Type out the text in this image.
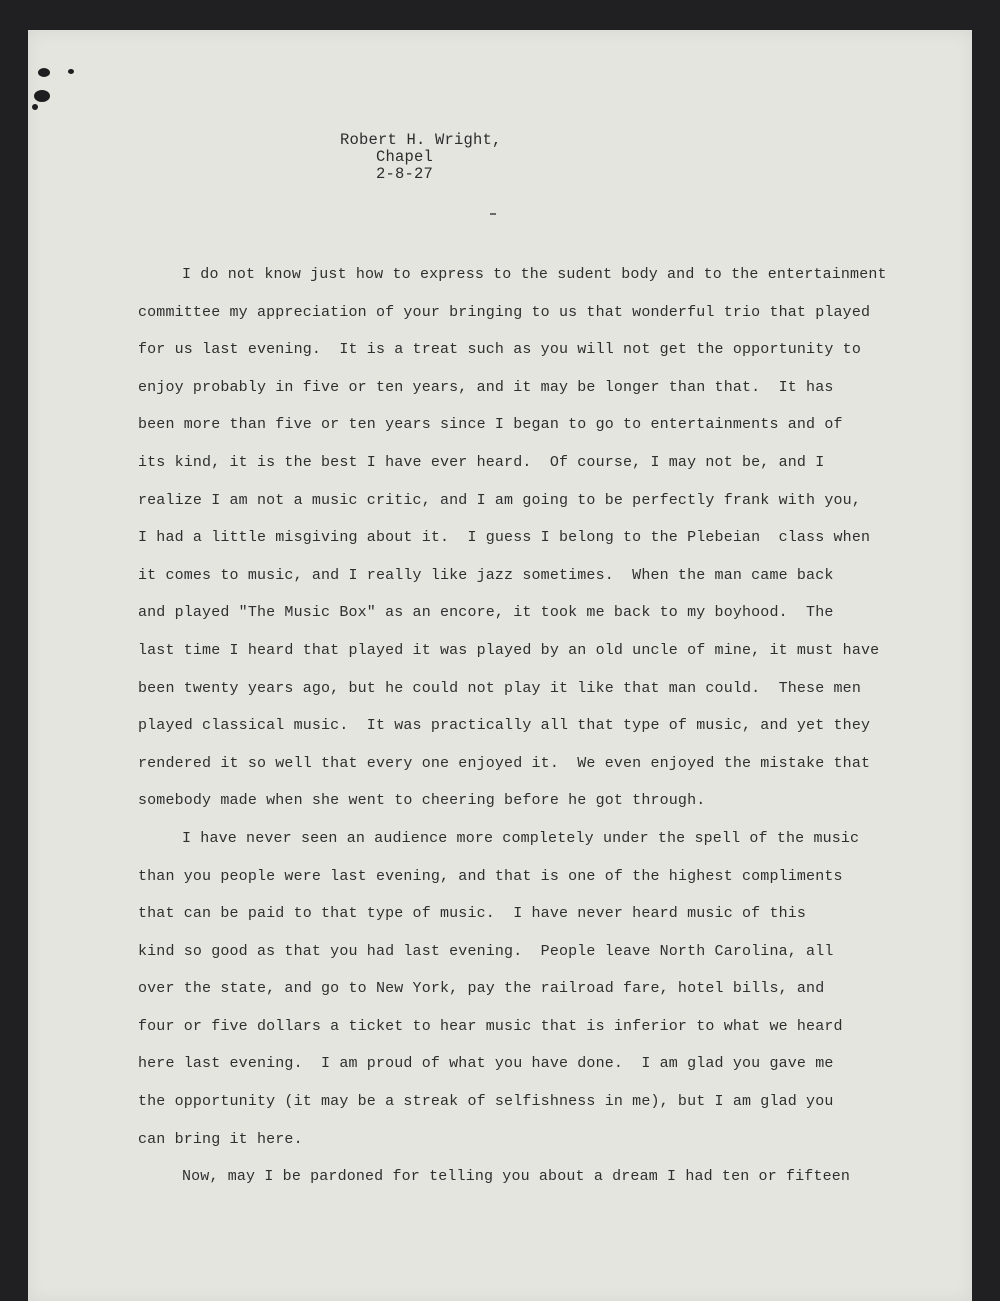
Robert H. Wright,
Chapel
2-8-27
I do not know just how to express to the sudent body and to the entertainment
committee my appreciation of your bringing to us that wonderful trio that played
for us last evening.  It is a treat such as you will not get the opportunity to
enjoy probably in five or ten years, and it may be longer than that.  It has
been more than five or ten years since I began to go to entertainments and of
its kind, it is the best I have ever heard.  Of course, I may not be, and I
realize I am not a music critic, and I am going to be perfectly frank with you,
I had a little misgiving about it.  I guess I belong to the Plebeian  class when
it comes to music, and I really like jazz sometimes.  When the man came back
and played "The Music Box" as an encore, it took me back to my boyhood.  The
last time I heard that played it was played by an old uncle of mine, it must have
been twenty years ago, but he could not play it like that man could.  These men
played classical music.  It was practically all that type of music, and yet they
rendered it so well that every one enjoyed it.  We even enjoyed the mistake that
somebody made when she went to cheering before he got through.
I have never seen an audience more completely under the spell of the music
than you people were last evening, and that is one of the highest compliments
that can be paid to that type of music.  I have never heard music of this
kind so good as that you had last evening.  People leave North Carolina, all
over the state, and go to New York, pay the railroad fare, hotel bills, and
four or five dollars a ticket to hear music that is inferior to what we heard
here last evening.  I am proud of what you have done.  I am glad you gave me
the opportunity (it may be a streak of selfishness in me), but I am glad you
can bring it here.
Now, may I be pardoned for telling you about a dream I had ten or fifteen
